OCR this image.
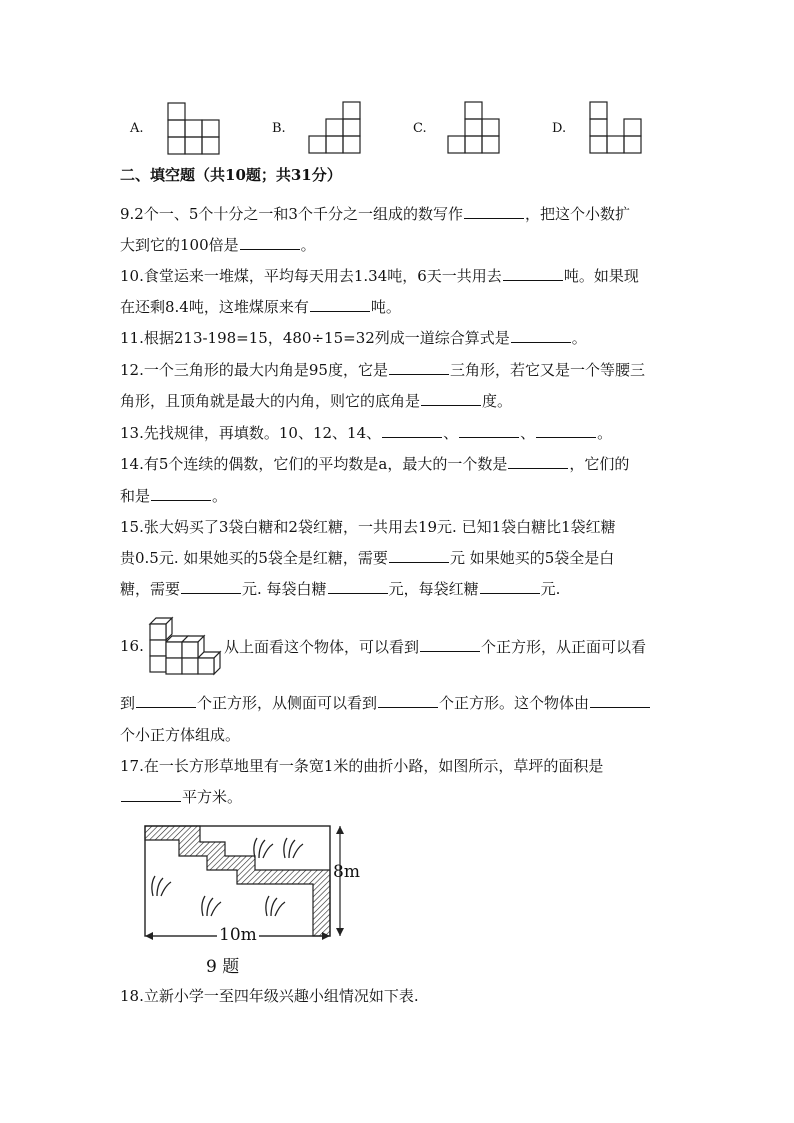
A.	B.	C.	D.
二、填空题（共10题；共31分）
9.2个一、5个十分之一和3个千分之一组成的数写作	，把这个小数扩
大到它的100倍是	。
10.食堂运来一堆煤，平均每天用去1.34吨，6天一共用去	吨。如果现
在还剩8.4吨，这堆煤原来有	吨。
11.根据213-198=15，480÷15=32列成一道综合算式是	。
12.一个三角形的最大内角是95度，它是	三角形，若它又是一个等腰三
角形，且顶角就是最大的内角，则它的底角是	度。
13.先找规律，再填数。10、12、14、	、	、	。
14.有5个连续的偶数，它们的平均数是a，最大的一个数是	，它们的
和是	。
15.张大妈买了3袋白糖和2袋红糖，一共用去19元. 已知1袋白糖比1袋红糖
贵0.5元. 如果她买的5袋全是红糖，需要	元 如果她买的5袋全是白
糖，需要	元. 每袋白糖	元，每袋红糖	元.
16.	从上面看这个物体，可以看到	个正方形，从正面可以看
到	个正方形，从侧面可以看到	个正方形。这个物体由
个小正方体组成。
17.在一长方形草地里有一条宽1米的曲折小路，如图所示，草坪的面积是
平方米。
8m
10m
9 题
18.立新小学一至四年级兴趣小组情况如下表.
